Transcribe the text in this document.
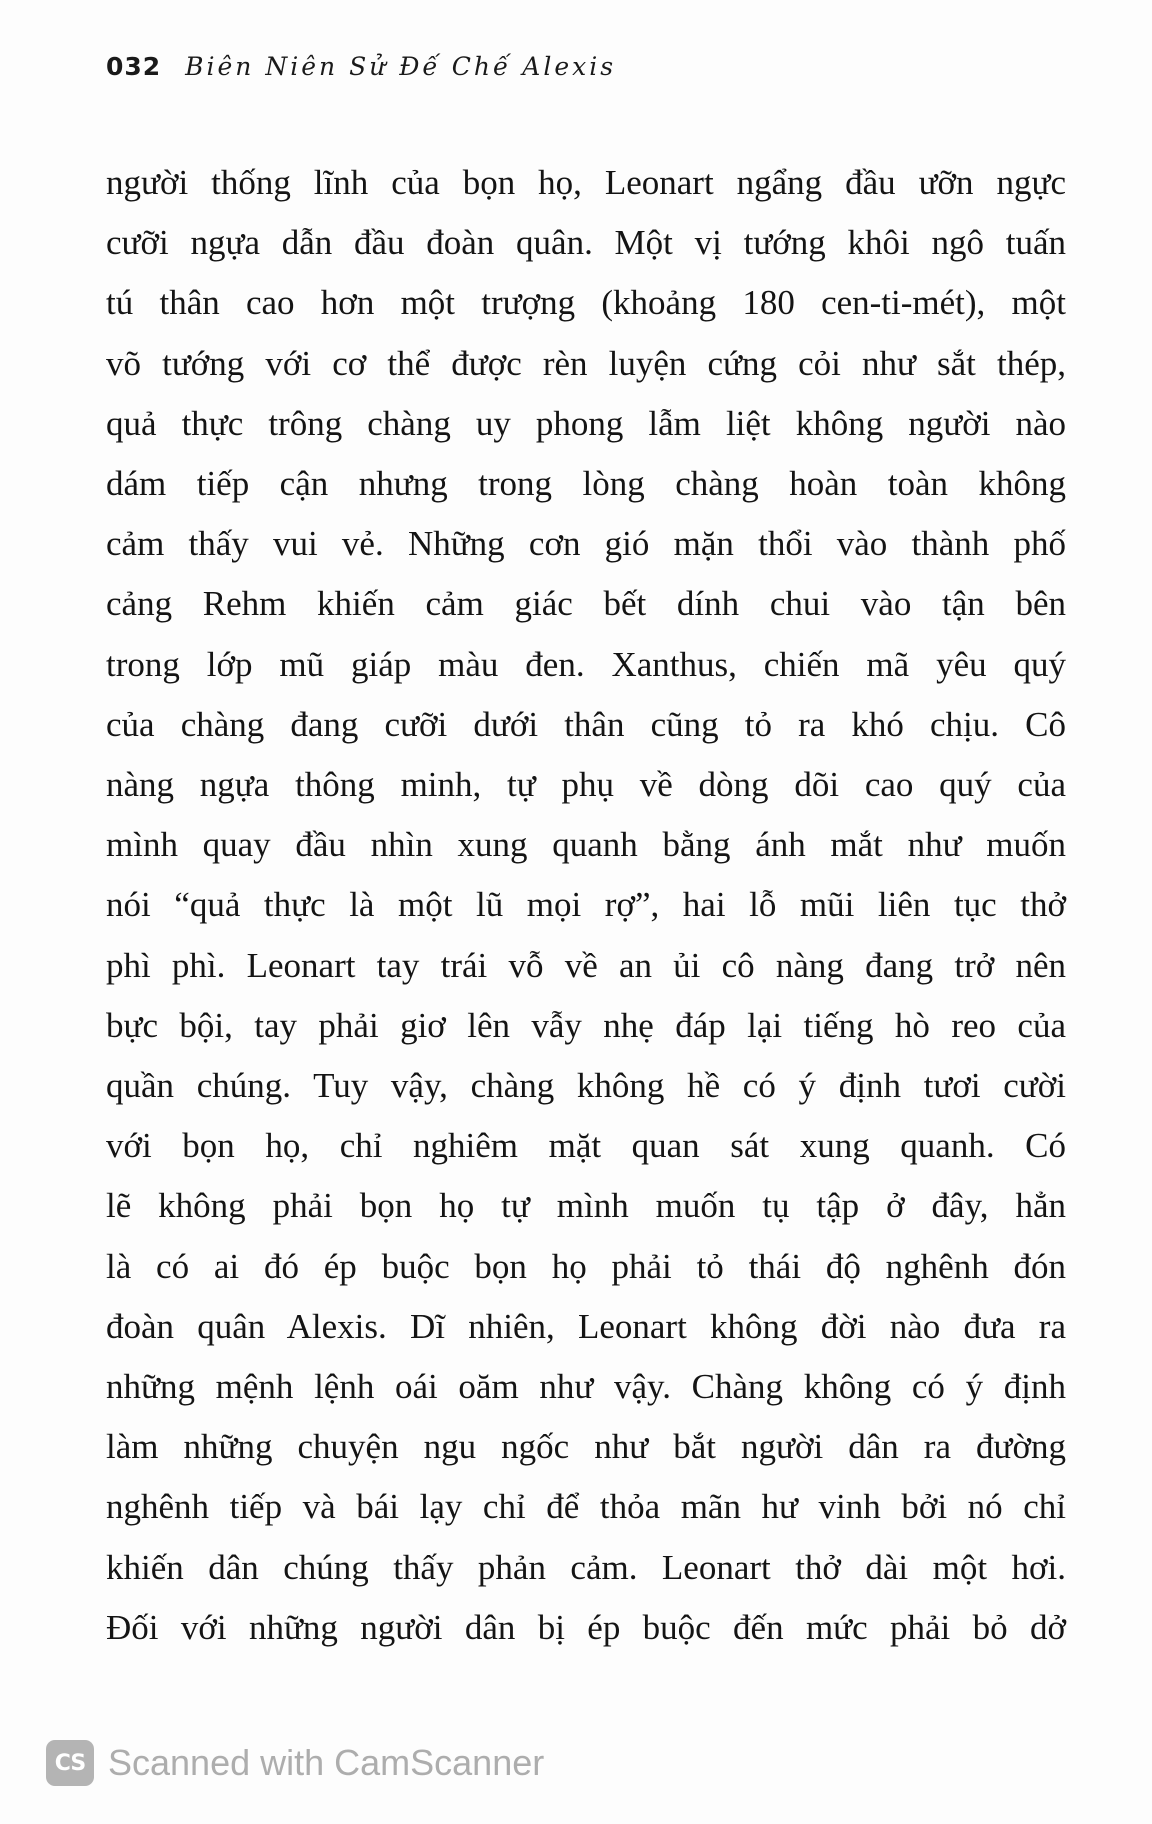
032 Biên Niên Sử Đế Chế Alexis
người thống lĩnh của bọn họ, Leonart ngẩng đầu ưỡn ngực
cưỡi ngựa dẫn đầu đoàn quân. Một vị tướng khôi ngô tuấn
tú thân cao hơn một trượng (khoảng 180 cen-ti-mét), một
võ tướng với cơ thể được rèn luyện cứng cỏi như sắt thép,
quả thực trông chàng uy phong lẫm liệt không người nào
dám tiếp cận nhưng trong lòng chàng hoàn toàn không
cảm thấy vui vẻ. Những cơn gió mặn thổi vào thành phố
cảng Rehm khiến cảm giác bết dính chui vào tận bên
trong lớp mũ giáp màu đen. Xanthus, chiến mã yêu quý
của chàng đang cưỡi dưới thân cũng tỏ ra khó chịu. Cô
nàng ngựa thông minh, tự phụ về dòng dõi cao quý của
mình quay đầu nhìn xung quanh bằng ánh mắt như muốn
nói “quả thực là một lũ mọi rợ”, hai lỗ mũi liên tục thở
phì phì. Leonart tay trái vỗ về an ủi cô nàng đang trở nên
bực bội, tay phải giơ lên vẫy nhẹ đáp lại tiếng hò reo của
quần chúng. Tuy vậy, chàng không hề có ý định tươi cười
với bọn họ, chỉ nghiêm mặt quan sát xung quanh. Có
lẽ không phải bọn họ tự mình muốn tụ tập ở đây, hẳn
là có ai đó ép buộc bọn họ phải tỏ thái độ nghênh đón
đoàn quân Alexis. Dĩ nhiên, Leonart không đời nào đưa ra
những mệnh lệnh oái oăm như vậy. Chàng không có ý định
làm những chuyện ngu ngốc như bắt người dân ra đường
nghênh tiếp và bái lạy chỉ để thỏa mãn hư vinh bởi nó chỉ
khiến dân chúng thấy phản cảm. Leonart thở dài một hơi.
Đối với những người dân bị ép buộc đến mức phải bỏ dở
CS Scanned with CamScanner
